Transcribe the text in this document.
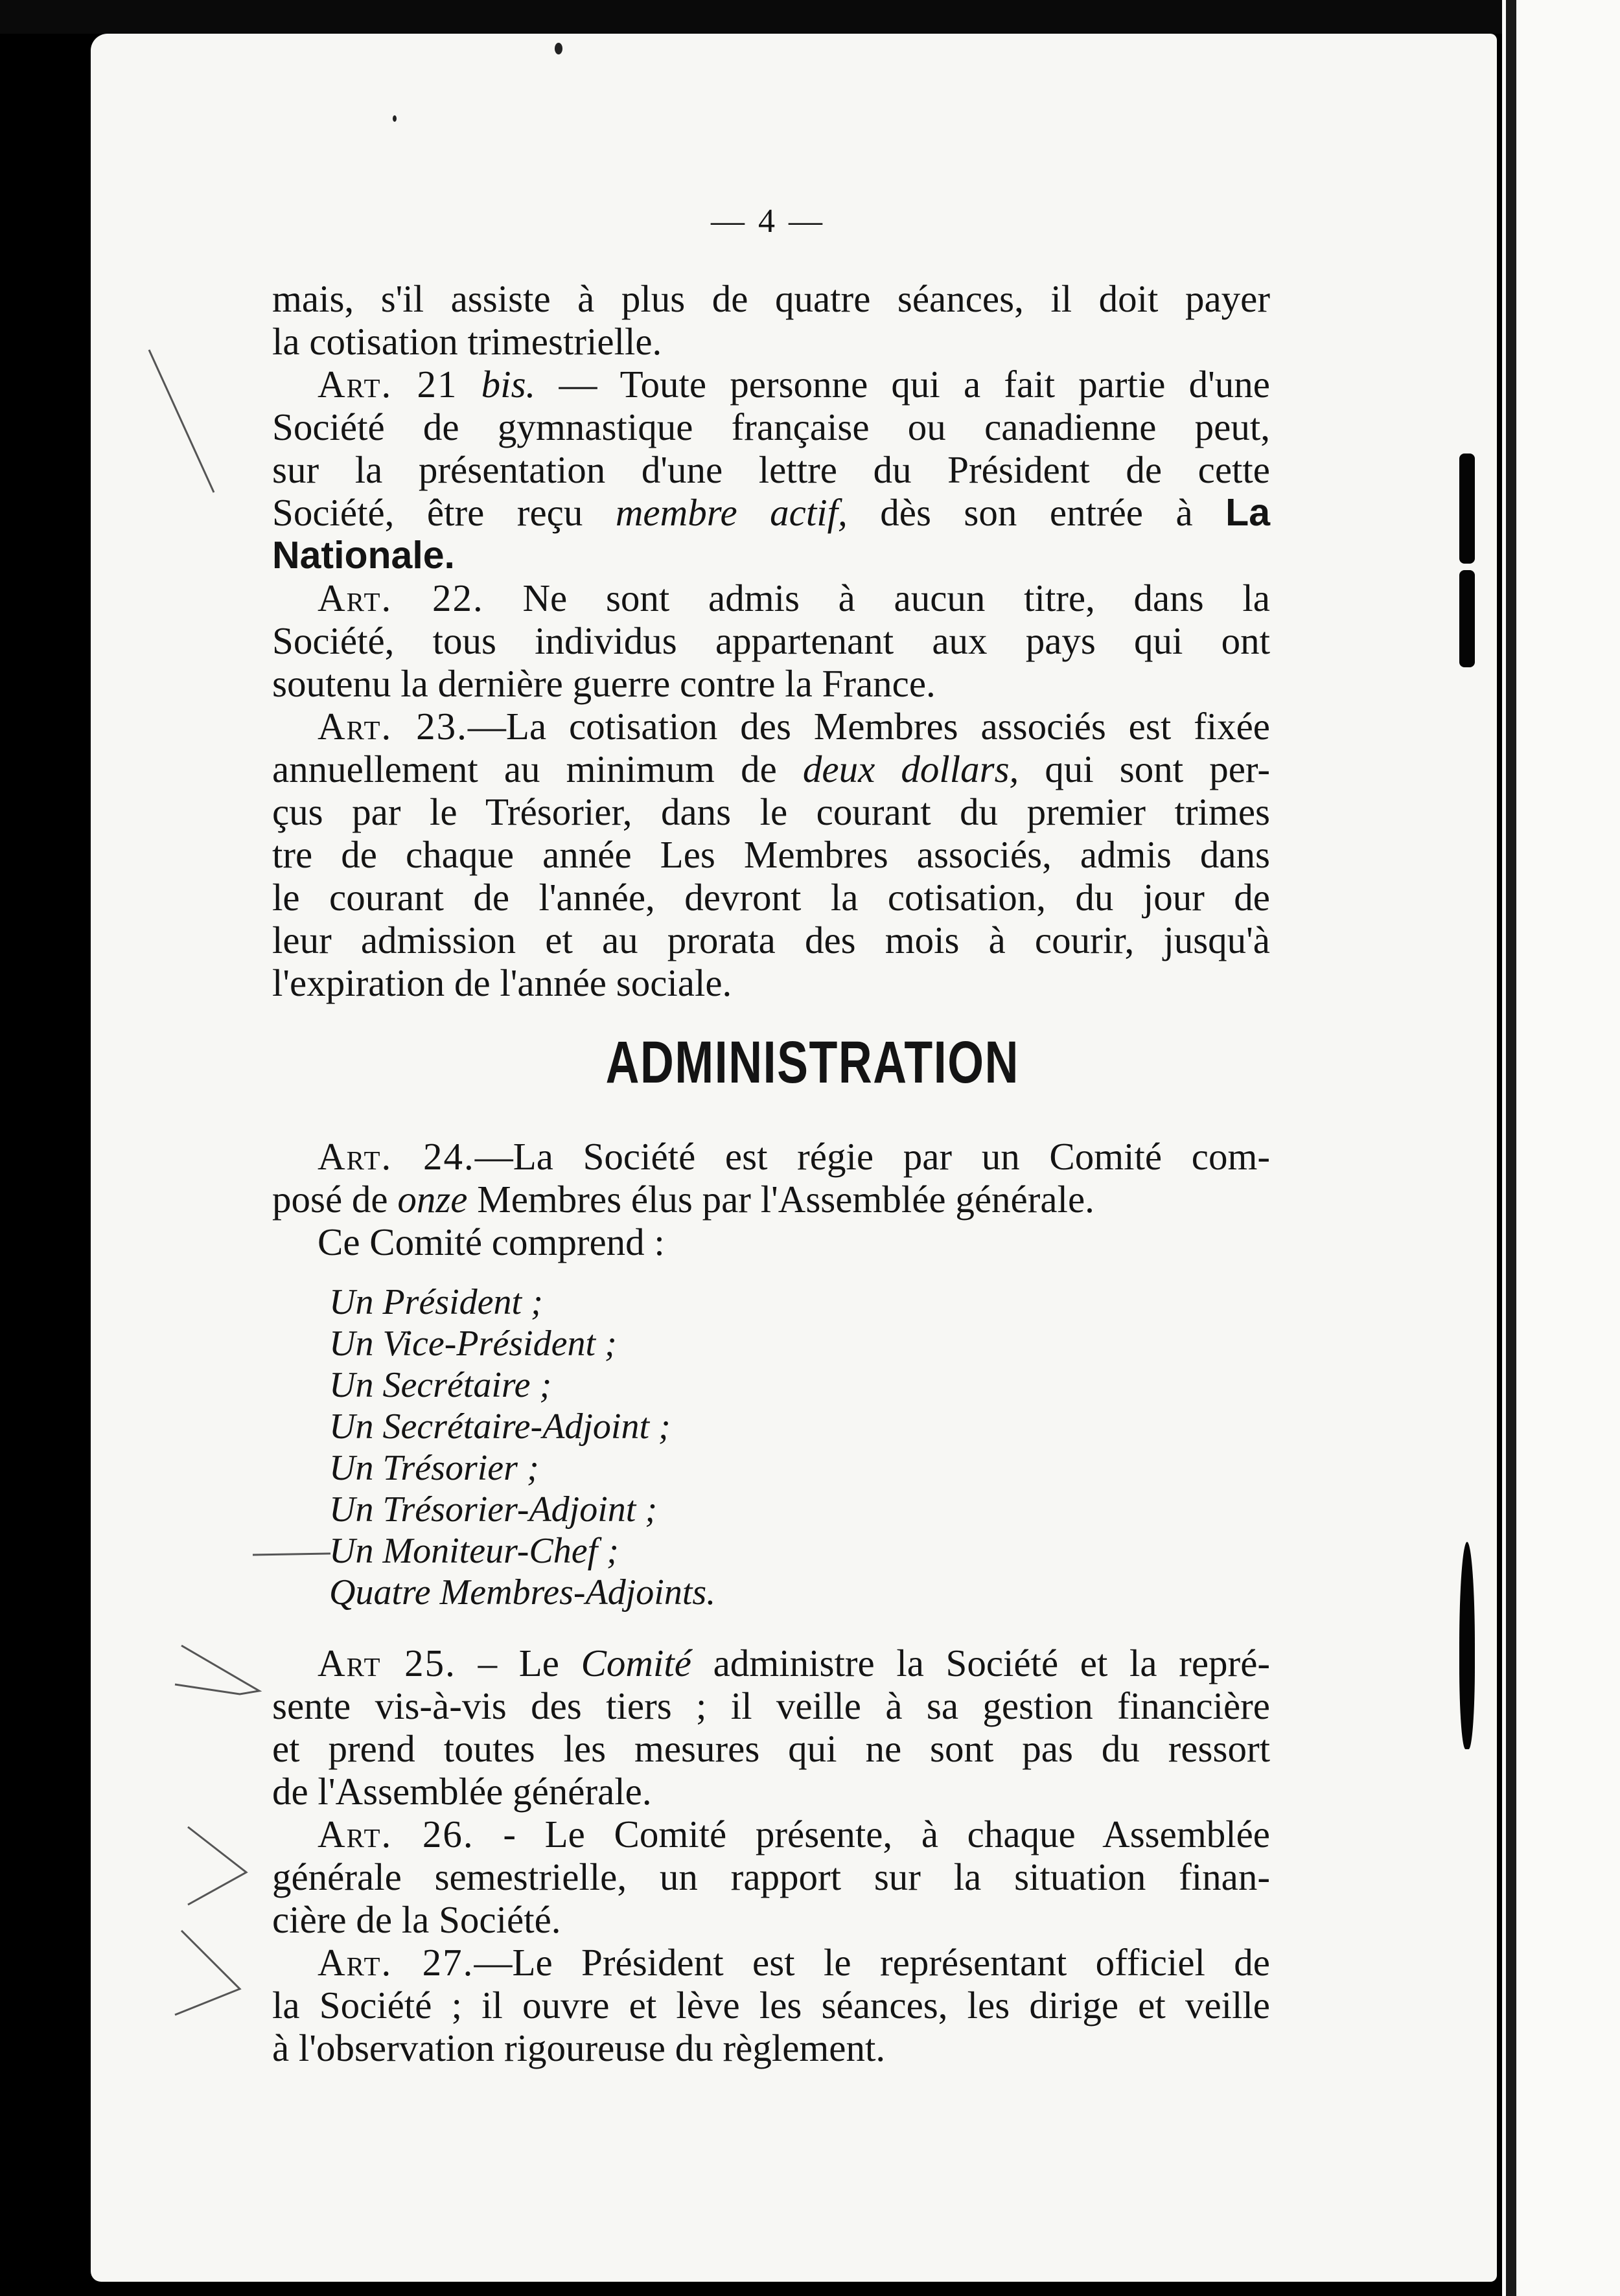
— 4 —
mais, s'il assiste à plus de quatre séances, il doit payer
la cotisation trimestrielle.
Art. 21 bis. — Toute personne qui a fait partie d'une
Société de gymnastique française ou canadienne peut,
sur la présentation d'une lettre du Président de cette
Société, être reçu membre actif, dès son entrée à La
Nationale.
Art. 22. Ne sont admis à aucun titre, dans la
Société, tous individus appartenant aux pays qui ont
soutenu la dernière guerre contre la France.
Art. 23.—La cotisation des Membres associés est fixée
annuellement au minimum de deux dollars, qui sont per-
çus par le Trésorier, dans le courant du premier trimes
tre de chaque année Les Membres associés, admis dans
le courant de l'année, devront la cotisation, du jour de
leur admission et au prorata des mois à courir, jusqu'à
l'expiration de l'année sociale.
ADMINISTRATION
Art. 24.—La Société est régie par un Comité com-
posé de onze Membres élus par l'Assemblée générale.
Ce Comité comprend :
Un Président ;
Un Vice-Président ;
Un Secrétaire ;
Un Secrétaire-Adjoint ;
Un Trésorier ;
Un Trésorier-Adjoint ;
Un Moniteur-Chef ;
Quatre Membres-Adjoints.
Art 25. – Le Comité administre la Société et la repré-
sente vis-à-vis des tiers ; il veille à sa gestion financière
et prend toutes les mesures qui ne sont pas du ressort
de l'Assemblée générale.
Art. 26. - Le Comité présente, à chaque Assemblée
générale semestrielle, un rapport sur la situation finan-
cière de la Société.
Art. 27.—Le Président est le représentant officiel de
la Société ; il ouvre et lève les séances, les dirige et veille
à l'observation rigoureuse du règlement.
